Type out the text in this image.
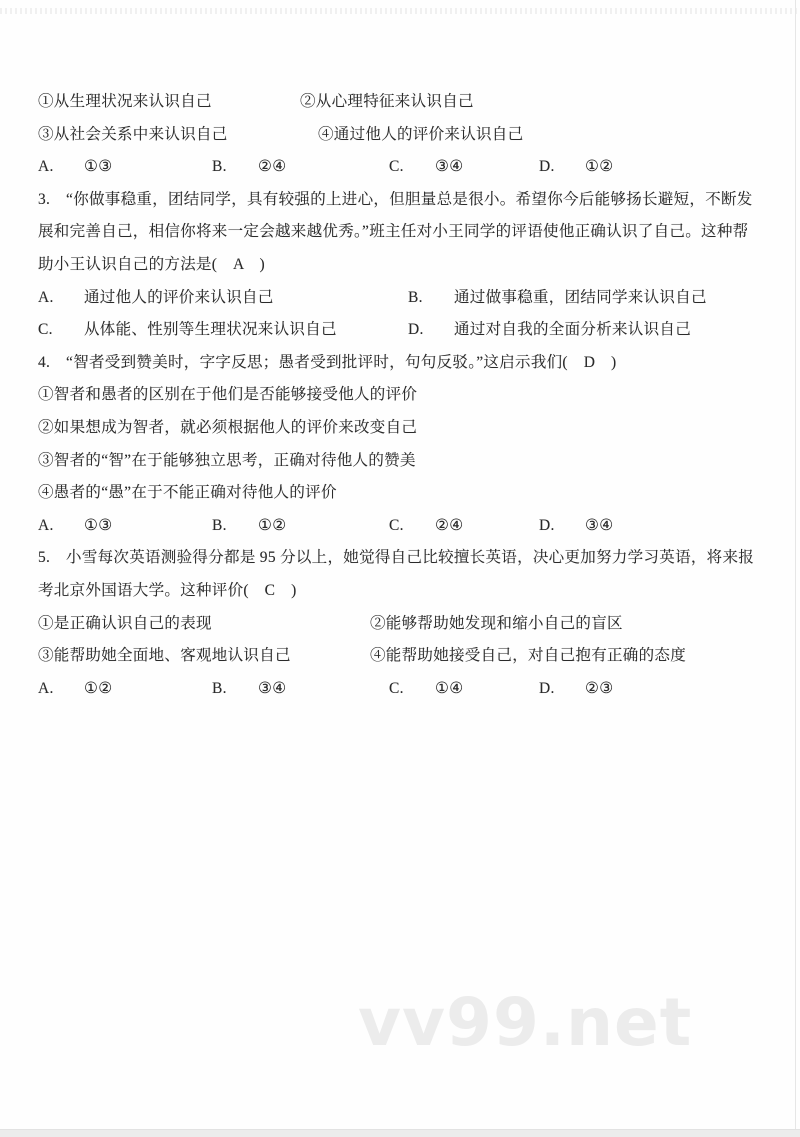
①从生理状况来认识自己	②从心理特征来认识自己
③从社会关系中来认识自己	④通过他人的评价来认识自己
A. ①③	B. ②④	C. ③④	D. ①②
3.　“你做事稳重，团结同学，具有较强的上进心，但胆量总是很小。希望你今后能够扬长避短，不断发
展和完善自己，相信你将来一定会越来越优秀。”班主任对小王同学的评语使他正确认识了自己。这种帮
助小王认识自己的方法是(　A　)
A. 通过他人的评价来认识自己	B. 通过做事稳重，团结同学来认识自己
C. 从体能、性别等生理状况来认识自己	D. 通过对自我的全面分析来认识自己
4.　“智者受到赞美时，字字反思；愚者受到批评时，句句反驳。”这启示我们(　D　)
①智者和愚者的区别在于他们是否能够接受他人的评价
②如果想成为智者，就必须根据他人的评价来改变自己
③智者的“智”在于能够独立思考，正确对待他人的赞美
④愚者的“愚”在于不能正确对待他人的评价
A. ①③	B. ①②	C. ②④	D. ③④
5.　小雪每次英语测验得分都是 95 分以上，她觉得自己比较擅长英语，决心更加努力学习英语，将来报
考北京外国语大学。这种评价(　C　)
①是正确认识自己的表现	②能够帮助她发现和缩小自己的盲区
③能帮助她全面地、客观地认识自己	④能帮助她接受自己，对自己抱有正确的态度
A. ①②	B. ③④	C. ①④	D. ②③
vv99.net
